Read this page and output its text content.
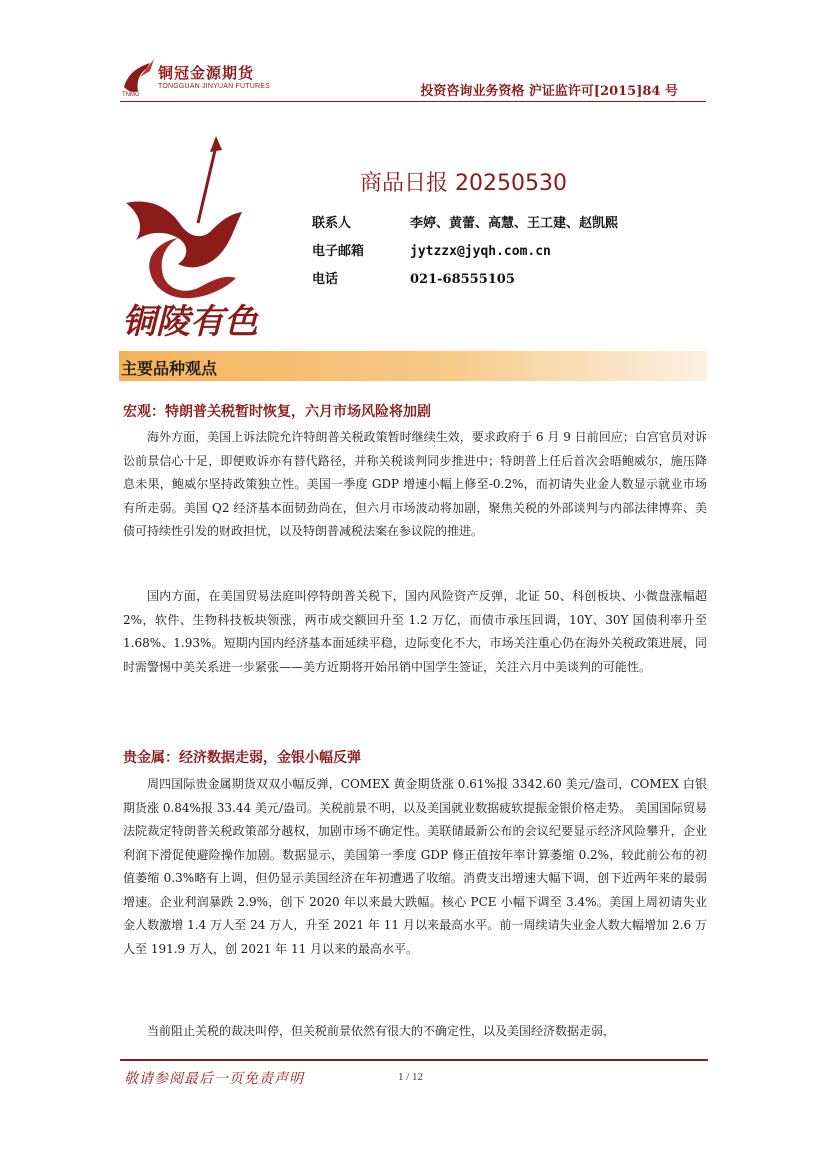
铜冠金源期货
TONGGUAN JINYUAN FUTURES
TNMG	投资咨询业务资格 沪证监许可[2015]84 号
铜陵有色
商品日报 20250530
联系人	李婷、黄蕾、高慧、王工建、赵凯熙
电子邮箱	jytzzx@jyqh.com.cn
电话	021-68555105
主要品种观点
宏观：特朗普关税暂时恢复，六月市场风险将加剧

海外方面，美国上诉法院允许特朗普关税政策暂时继续生效，要求政府于 6 月 9 日前回应；白宫官员对诉讼前景信心十足，即便败诉亦有替代路径，并称关税谈判同步推进中；特朗普上任后首次会晤鲍威尔，施压降息未果，鲍威尔坚持政策独立性。美国一季度 GDP 增速小幅上修至-0.2%，而初请失业金人数显示就业市场有所走弱。美国 Q2 经济基本面韧劲尚在，但六月市场波动将加剧，聚焦关税的外部谈判与内部法律博弈、美债可持续性引发的财政担忧，以及特朗普减税法案在参议院的推进。

国内方面，在美国贸易法庭叫停特朗普关税下，国内风险资产反弹，北证 50、科创板块、小微盘涨幅超 2%，软件、生物科技板块领涨，两市成交额回升至 1.2 万亿，而债市承压回调，10Y、30Y 国债利率升至 1.68%、1.93%。短期内国内经济基本面延续平稳，边际变化不大，市场关注重心仍在海外关税政策进展，同时需警惕中美关系进一步紧张——美方近期将开始吊销中国学生签证，关注六月中美谈判的可能性。

贵金属：经济数据走弱，金银小幅反弹

周四国际贵金属期货双双小幅反弹，COMEX 黄金期货涨 0.61%报 3342.60 美元/盎司，COMEX 白银期货涨 0.84%报 33.44 美元/盎司。关税前景不明，以及美国就业数据疲软提振金银价格走势。 美国国际贸易法院裁定特朗普关税政策部分越权，加剧市场不确定性。美联储最新公布的会议纪要显示经济风险攀升，企业利润下滑促使避险操作加剧。数据显示，美国第一季度 GDP 修正值按年率计算萎缩 0.2%，较此前公布的初值萎缩 0.3%略有上调，但仍显示美国经济在年初遭遇了收缩。消费支出增速大幅下调，创下近两年来的最弱增速。企业利润暴跌 2.9%，创下 2020 年以来最大跌幅。核心 PCE 小幅下调至 3.4%。美国上周初请失业金人数激增 1.4 万人至 24 万人，升至 2021 年 11 月以来最高水平。前一周续请失业金人数大幅增加 2.6 万人至 191.9 万人，创 2021 年 11 月以来的最高水平。

当前阻止关税的裁决叫停，但关税前景依然有很大的不确定性，以及美国经济数据走弱，

敬请参阅最后一页免责声明	1 / 12
